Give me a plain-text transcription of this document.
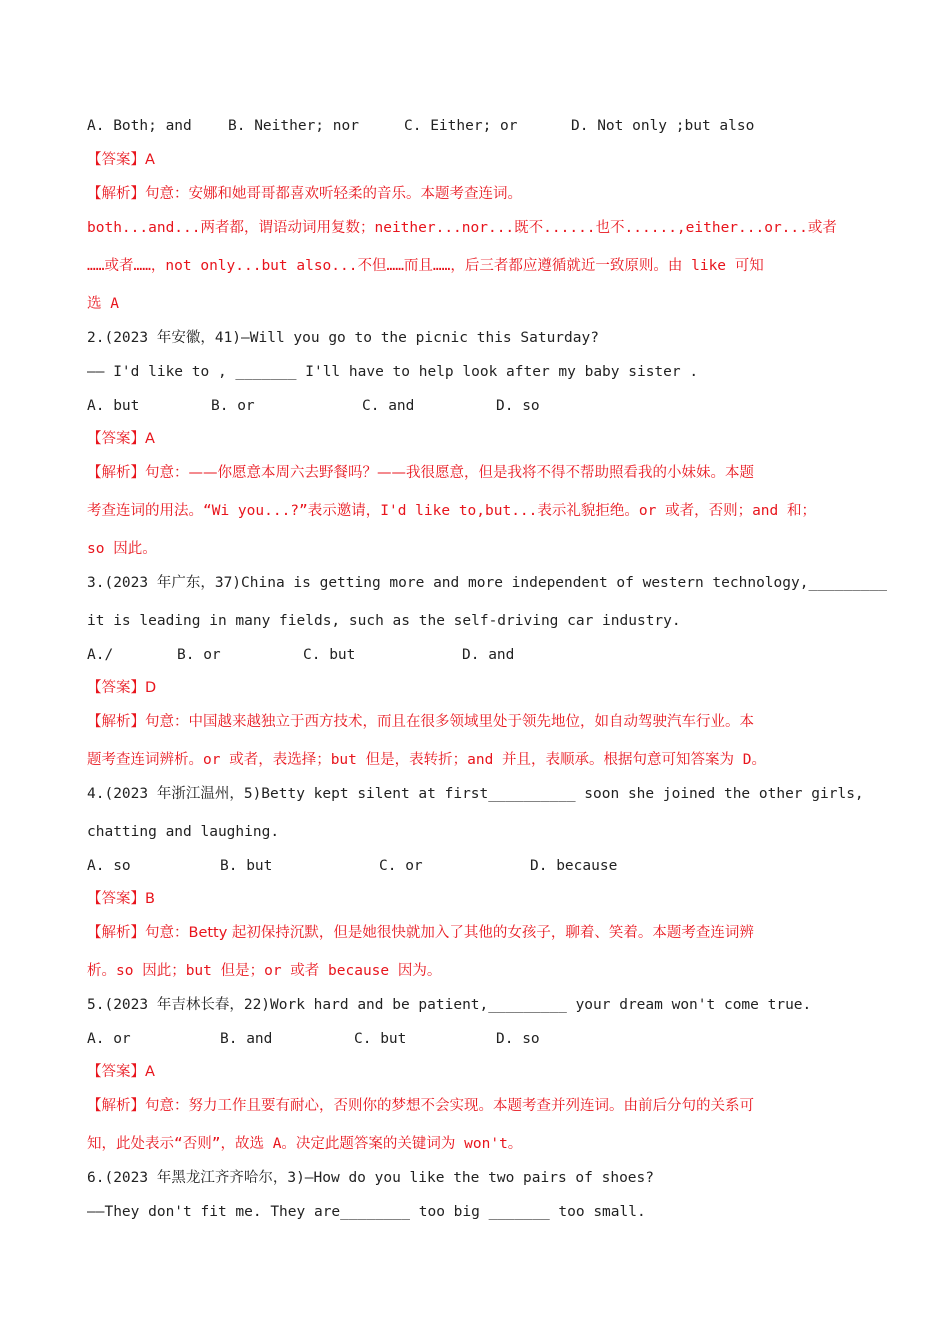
A. Both; and	B. Neither; nor	C. Either; or	D. Not only ;but also
【答案】A
【解析】句意：安娜和她哥哥都喜欢听轻柔的音乐。本题考查连词。
both...and...两者都，谓语动词用复数；neither...nor...既不......也不......,either...or...或者
……或者……，not only...but also...不但……而且……，后三者都应遵循就近一致原则。由 like 可知
选 A
2.(2023 年安徽，41)—Will you go to the picnic this Saturday?
—— I'd like to , _______ I'll have to help look after my baby sister .
A. but	B. or	C. and	D. so
【答案】A
【解析】句意：——你愿意本周六去野餐吗？——我很愿意，但是我将不得不帮助照看我的小妹妹。本题
考查连词的用法。“Wi you...?”表示邀请，I'd like to,but...表示礼貌拒绝。or 或者，否则；and 和；
so 因此。
3.(2023 年广东，37)China is getting more and more independent of western technology,_________
it is leading in many fields, such as the self-driving car industry.
A./	B. or	C. but	D. and
【答案】D
【解析】句意：中国越来越独立于西方技术，而且在很多领域里处于领先地位，如自动驾驶汽车行业。本
题考查连词辨析。or 或者，表选择；but 但是，表转折；and 并且，表顺承。根据句意可知答案为 D。
4.(2023 年浙江温州，5)Betty kept silent at first__________ soon she joined the other girls,
chatting and laughing.
A. so	B. but	C. or	D. because
【答案】B
【解析】句意：Betty 起初保持沉默，但是她很快就加入了其他的女孩子，聊着、笑着。本题考查连词辨
析。so 因此；but 但是；or 或者 because 因为。
5.(2023 年吉林长春，22)Work hard and be patient,_________ your dream won't come true.
A. or	B. and	C. but	D. so
【答案】A
【解析】句意：努力工作且要有耐心，否则你的梦想不会实现。本题考查并列连词。由前后分句的关系可
知，此处表示“否则”，故选 A。决定此题答案的关键词为 won't。
6.(2023 年黑龙江齐齐哈尔，3)—How do you like the two pairs of shoes?
——They don't fit me. They are________ too big _______ too small.
